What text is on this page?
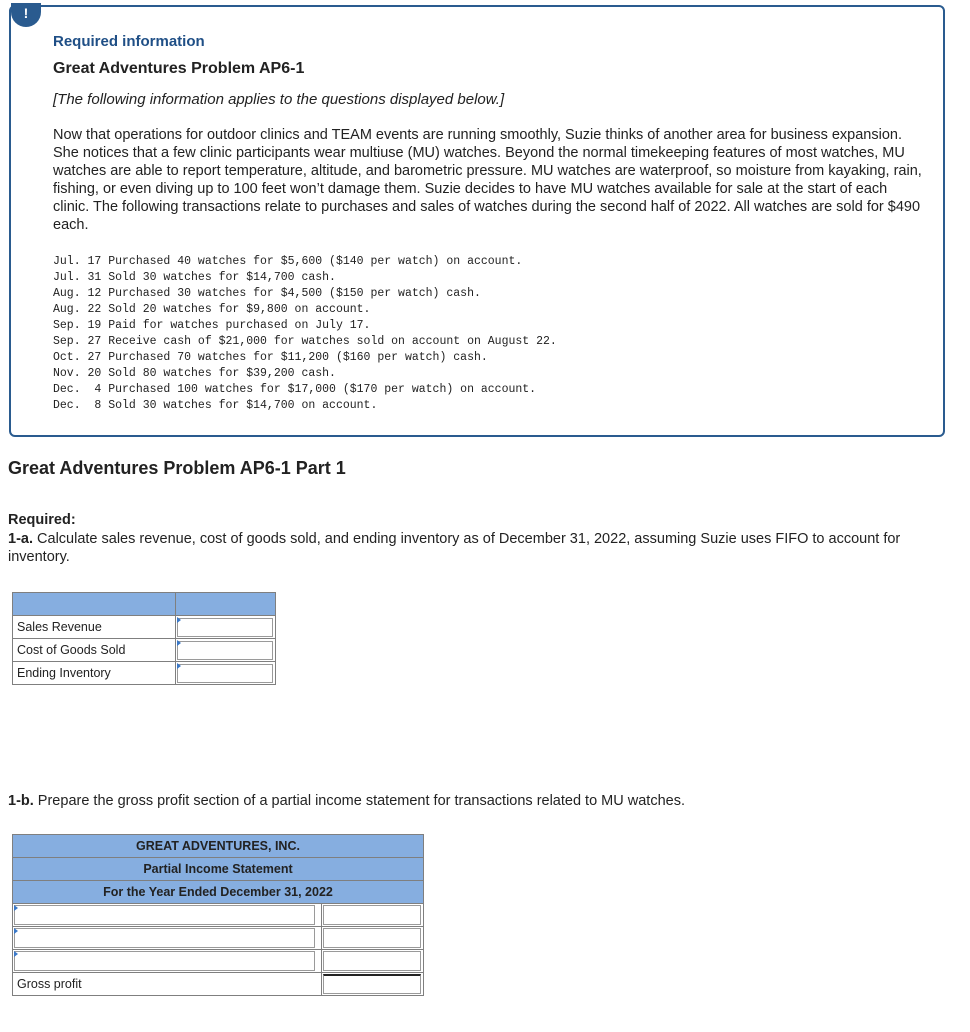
!
Required information
Great Adventures Problem AP6-1
[The following information applies to the questions displayed below.]

Now that operations for outdoor clinics and TEAM events are running smoothly, Suzie thinks of another area for business expansion. She notices that a few clinic participants wear multiuse (MU) watches. Beyond the normal timekeeping features of most watches, MU watches are able to report temperature, altitude, and barometric pressure. MU watches are waterproof, so moisture from kayaking, rain, fishing, or even diving up to 100 feet won’t damage them. Suzie decides to have MU watches available for sale at the start of each clinic. The following transactions relate to purchases and sales of watches during the second half of 2022. All watches are sold for $490 each.

Jul. 17 Purchased 40 watches for $5,600 ($140 per watch) on account.
Jul. 31 Sold 30 watches for $14,700 cash.
Aug. 12 Purchased 30 watches for $4,500 ($150 per watch) cash.
Aug. 22 Sold 20 watches for $9,800 on account.
Sep. 19 Paid for watches purchased on July 17.
Sep. 27 Receive cash of $21,000 for watches sold on account on August 22.
Oct. 27 Purchased 70 watches for $11,200 ($160 per watch) cash.
Nov. 20 Sold 80 watches for $39,200 cash.
Dec.  4 Purchased 100 watches for $17,000 ($170 per watch) on account.
Dec.  8 Sold 30 watches for $14,700 on account.
Great Adventures Problem AP6-1 Part 1
Required:
1-a. Calculate sales revenue, cost of goods sold, and ending inventory as of December 31, 2022, assuming Suzie uses FIFO to account for inventory.

Sales Revenue	

Cost of Goods Sold	

Ending Inventory	
1-b. Prepare the gross profit section of a partial income statement for transactions related to MU watches.
GREAT ADVENTURES, INC.	
Partial Income Statement	
For the Year Ended December 31, 2022	

Gross profit	
